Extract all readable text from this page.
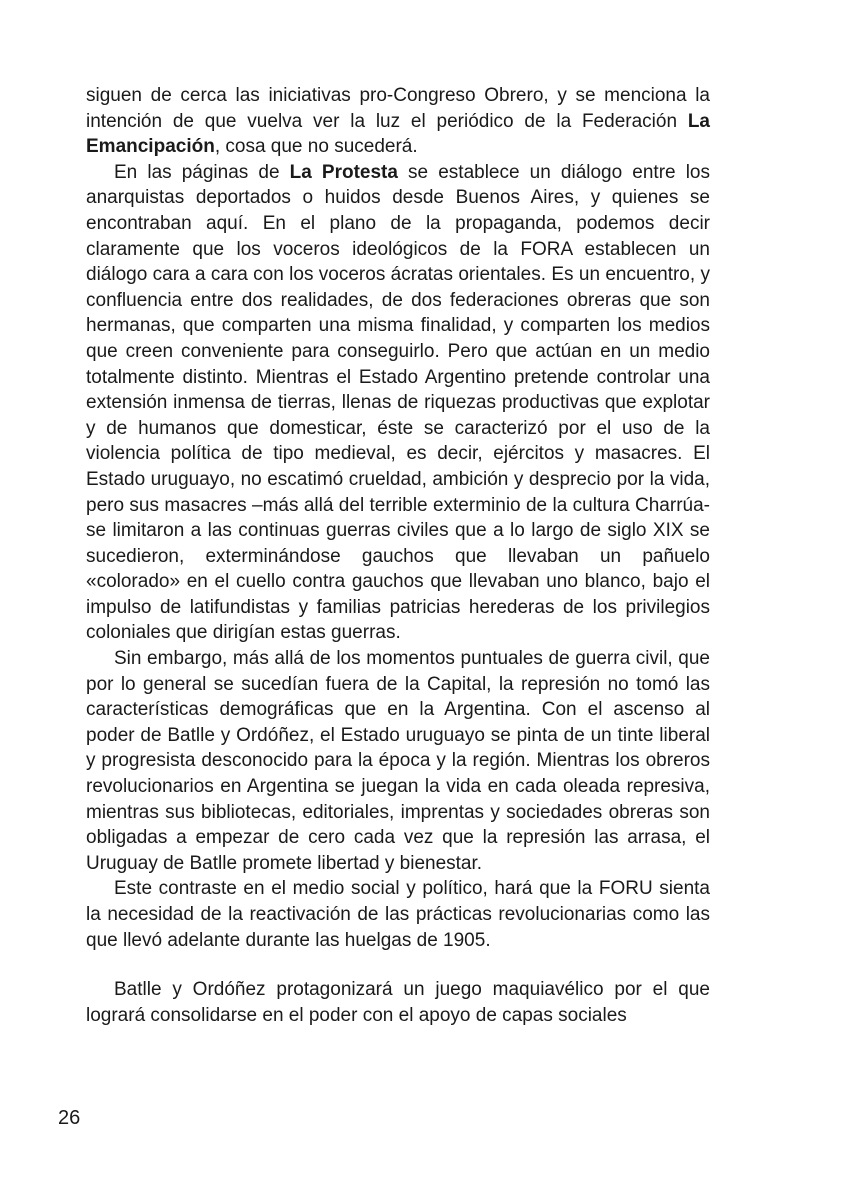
siguen de cerca las iniciativas pro-Congreso Obrero, y se menciona la intención de que vuelva ver la luz el periódico de la Federación La Emancipación, cosa que no sucederá.

En las páginas de La Protesta se establece un diálogo entre los anarquistas deportados o huidos desde Buenos Aires, y quienes se encontraban aquí. En el plano de la propaganda, podemos decir claramente que los voceros ideológicos de la FORA establecen un diálogo cara a cara con los voceros ácratas orientales. Es un encuentro, y confluencia entre dos realidades, de dos federaciones obreras que son hermanas, que comparten una misma finalidad, y comparten los medios que creen conveniente para conseguirlo. Pero que actúan en un medio totalmente distinto. Mientras el Estado Argentino pretende controlar una extensión inmensa de tierras, llenas de riquezas productivas que explotar y de humanos que domesticar, éste se caracterizó por el uso de la violencia política de tipo medieval, es decir, ejércitos y masacres. El Estado uruguayo, no escatimó crueldad, ambición y desprecio por la vida, pero sus masacres –más allá del terrible exterminio de la cultura Charrúa- se limitaron a las continuas guerras civiles que a lo largo de siglo XIX se sucedieron, exterminándose gauchos que llevaban un pañuelo «colorado» en el cuello contra gauchos que llevaban uno blanco, bajo el impulso de latifundistas y familias patricias herederas de los privilegios coloniales que dirigían estas guerras.

Sin embargo, más allá de los momentos puntuales de guerra civil, que por lo general se sucedían fuera de la Capital, la represión no tomó las características demográficas que en la Argentina. Con el ascenso al poder de Batlle y Ordóñez, el Estado uruguayo se pinta de un tinte liberal y progresista desconocido para la época y la región. Mientras los obreros revolucionarios en Argentina se juegan la vida en cada oleada represiva, mientras sus bibliotecas, editoriales, imprentas y sociedades obreras son obligadas a empezar de cero cada vez que la represión las arrasa, el Uruguay de Batlle promete libertad y bienestar.

Este contraste en el medio social y político, hará que la FORU sienta la necesidad de la reactivación de las prácticas revolucionarias como las que llevó adelante durante las huelgas de 1905.

Batlle y Ordóñez protagonizará un juego maquiavélico por el que logrará consolidarse en el poder con el apoyo de capas sociales

26
